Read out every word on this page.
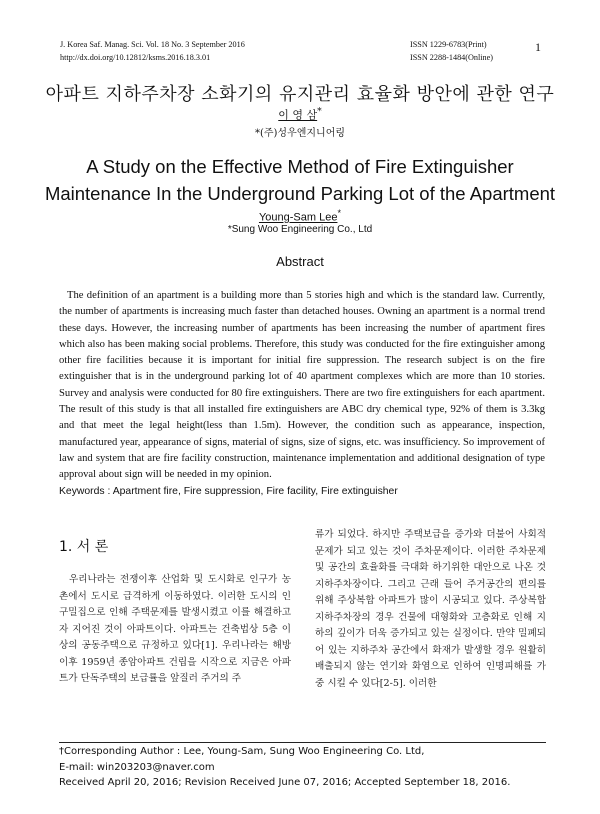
J. Korea Saf. Manag. Sci. Vol. 18 No. 3 September 2016
http://dx.doi.org/10.12812/ksms.2016.18.3.01
ISSN 1229-6783(Print)
ISSN 2288-1484(Online)
1
아파트 지하주차장 소화기의 유지관리 효율화 방안에 관한 연구
이 영 삼*
*(주)성우엔지니어링
A Study on the Effective Method of Fire Extinguisher Maintenance In the Underground Parking Lot of the Apartment
Young-Sam Lee*
*Sung Woo Engineering Co., Ltd
Abstract

The definition of an apartment is a building more than 5 stories high and which is the standard law. Currently, the number of apartments is increasing much faster than detached houses. Owning an apartment is a normal trend these days. However, the increasing number of apartments has been increasing the number of apartment fires which also has been making social problems. Therefore, this study was conducted for the fire extinguisher among other fire facilities because it is important for initial fire suppression. The research subject is on the fire extinguisher that is in the underground parking lot of 40 apartment complexes which are more than 10 stories. Survey and analysis were conducted for 80 fire extinguishers. There are two fire extinguishers for each apartment. The result of this study is that all installed fire extinguishers are ABC dry chemical type, 92% of them is 3.3kg and that meet the legal height(less than 1.5m). However, the condition such as appearance, inspection, manufactured year, appearance of signs, material of signs, size of signs, etc. was insufficiency. So improvement of law and system that are fire facility construction, maintenance implementation and additional designation of type approval about sign will be needed in my opinion.

Keywords : Apartment fire, Fire suppression, Fire facility, Fire extinguisher
1. 서 론

우리나라는 전쟁이후 산업화 및 도시화로 인구가 농촌에서 도시로 급격하게 이동하였다. 이러한 도시의 인구밀집으로 인해 주택문제를 발생시켰고 이를 해결하고자 지어진 것이 아파트이다. 아파트는 건축법상 5층 이상의 공동주택으로 규정하고 있다[1]. 우리나라는 해방이후 1959년 종암아파트 건립을 시작으로 지금은 아파트가 단독주택의 보급률을 앞질러 주거의 주

류가 되었다. 하지만 주택보급을 증가와 더불어 사회적 문제가 되고 있는 것이 주차문제이다. 이러한 주차문제 및 공간의 효율화를 극대화 하기위한 대안으로 나온 것 지하주차장이다. 그리고 근래 들어 주거공간의 편의를 위해 주상복합 아파트가 많이 시공되고 있다. 주상복합 지하주차장의 경우 건물에 대형화와 고층화로 인해 지하의 깊이가 더욱 증가되고 있는 실정이다. 만약 밀폐되어 있는 지하주차 공간에서 화재가 발생할 경우 원활히 배출되지 않는 연기와 화염으로 인하여 인명피해를 가중 시킬 수 있다[2-5]. 이러한

†Corresponding Author : Lee, Young-Sam, Sung Woo Engineering Co. Ltd,
E-mail: win203203@naver.com
Received April 20, 2016; Revision Received June 07, 2016; Accepted September 18, 2016.
